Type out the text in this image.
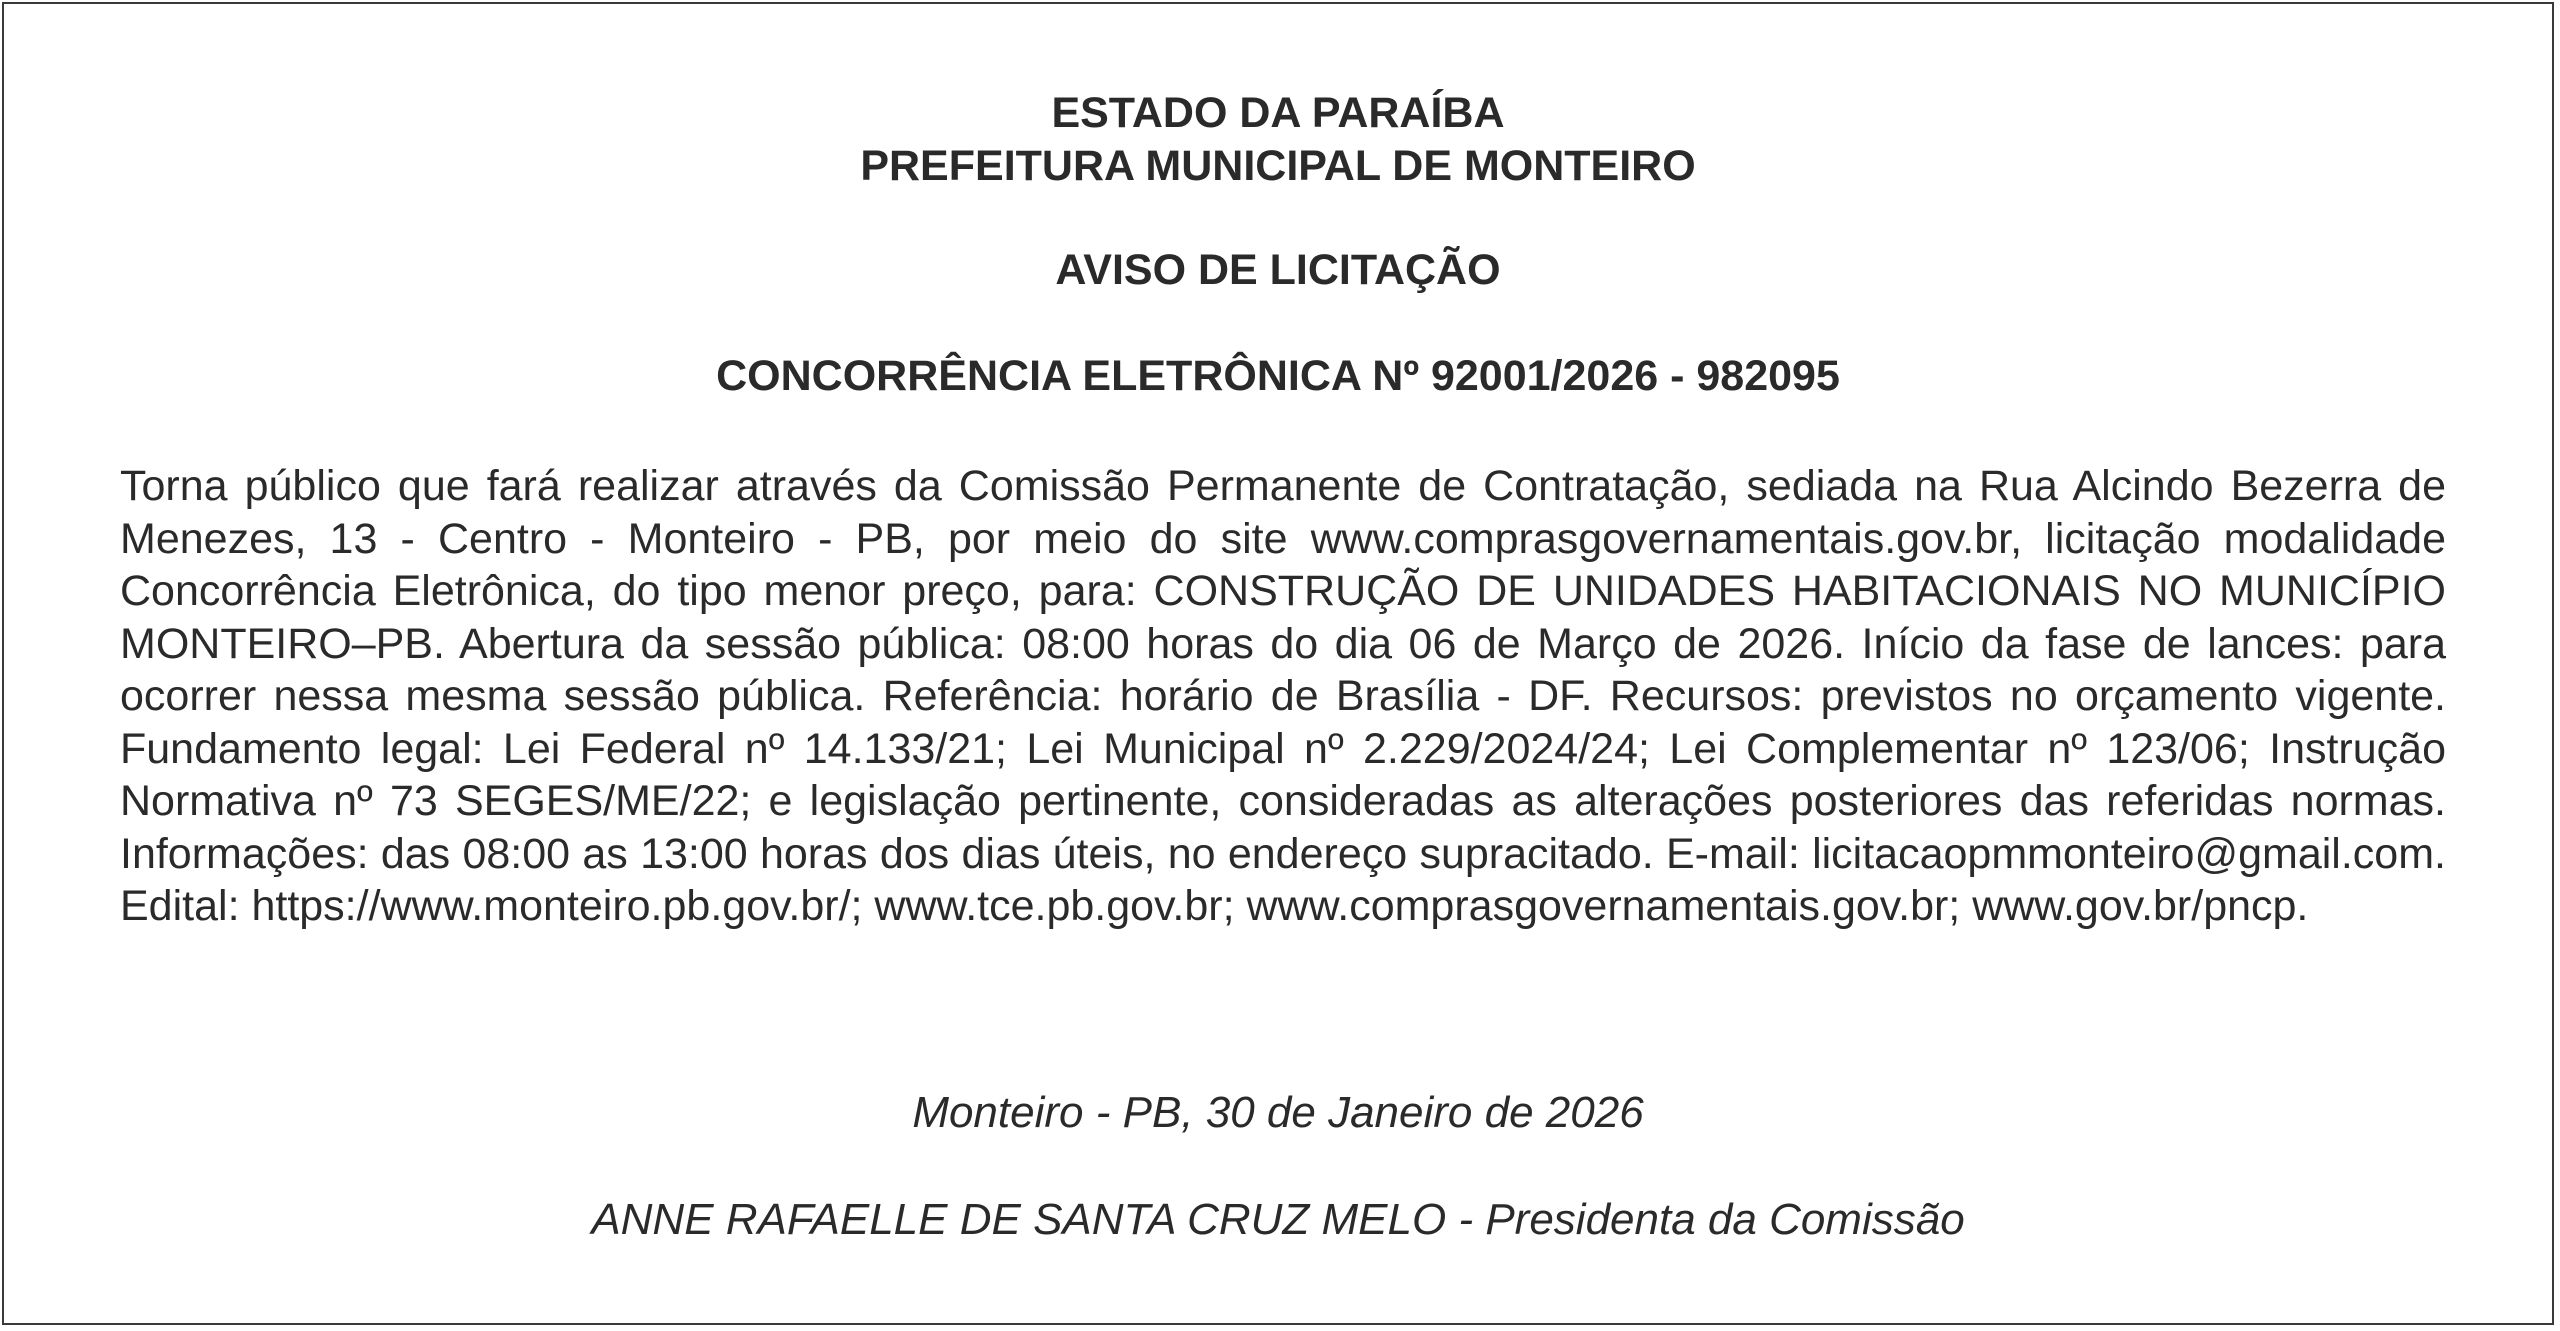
ESTADO DA PARAÍBA

PREFEITURA MUNICIPAL DE MONTEIRO

AVISO DE LICITAÇÃO

CONCORRÊNCIA ELETRÔNICA Nº 92001/2026 - 982095

Torna público que fará realizar através da Comissão Permanente de Contratação, sediada na Rua Alcindo Bezerra de Menezes, 13 - Centro - Monteiro - PB, por meio do site www.comprasgovernamentais.gov.br, licitação modalidade Concorrência Eletrônica, do tipo menor preço, para: CONSTRUÇÃO DE UNIDADES HABITACIONAIS NO MUNICÍPIO MONTEIRO–PB. Abertura da sessão pública: 08:00 horas do dia 06 de Março de 2026. Início da fase de lances: para ocorrer nessa mesma sessão pública. Referência: horário de Brasília - DF. Recursos: previstos no orçamento vigente. Fundamento legal: Lei Federal nº 14.133/21; Lei Municipal nº 2.229/2024/24; Lei Complementar nº 123/06; Instrução Normativa nº 73 SEGES/ME/22; e legislação pertinente, consideradas as alterações posteriores das referidas normas. Informações: das 08:00 as 13:00 horas dos dias úteis, no endereço supracitado. E-mail: licitacaopmmonteiro@gmail.com. Edital: https://www.monteiro.pb.gov.br/; www.tce.pb.gov.br; www.comprasgovernamentais.gov.br; www.gov.br/pncp.

Monteiro - PB, 30 de Janeiro de 2026

ANNE RAFAELLE DE SANTA CRUZ MELO - Presidenta da Comissão
